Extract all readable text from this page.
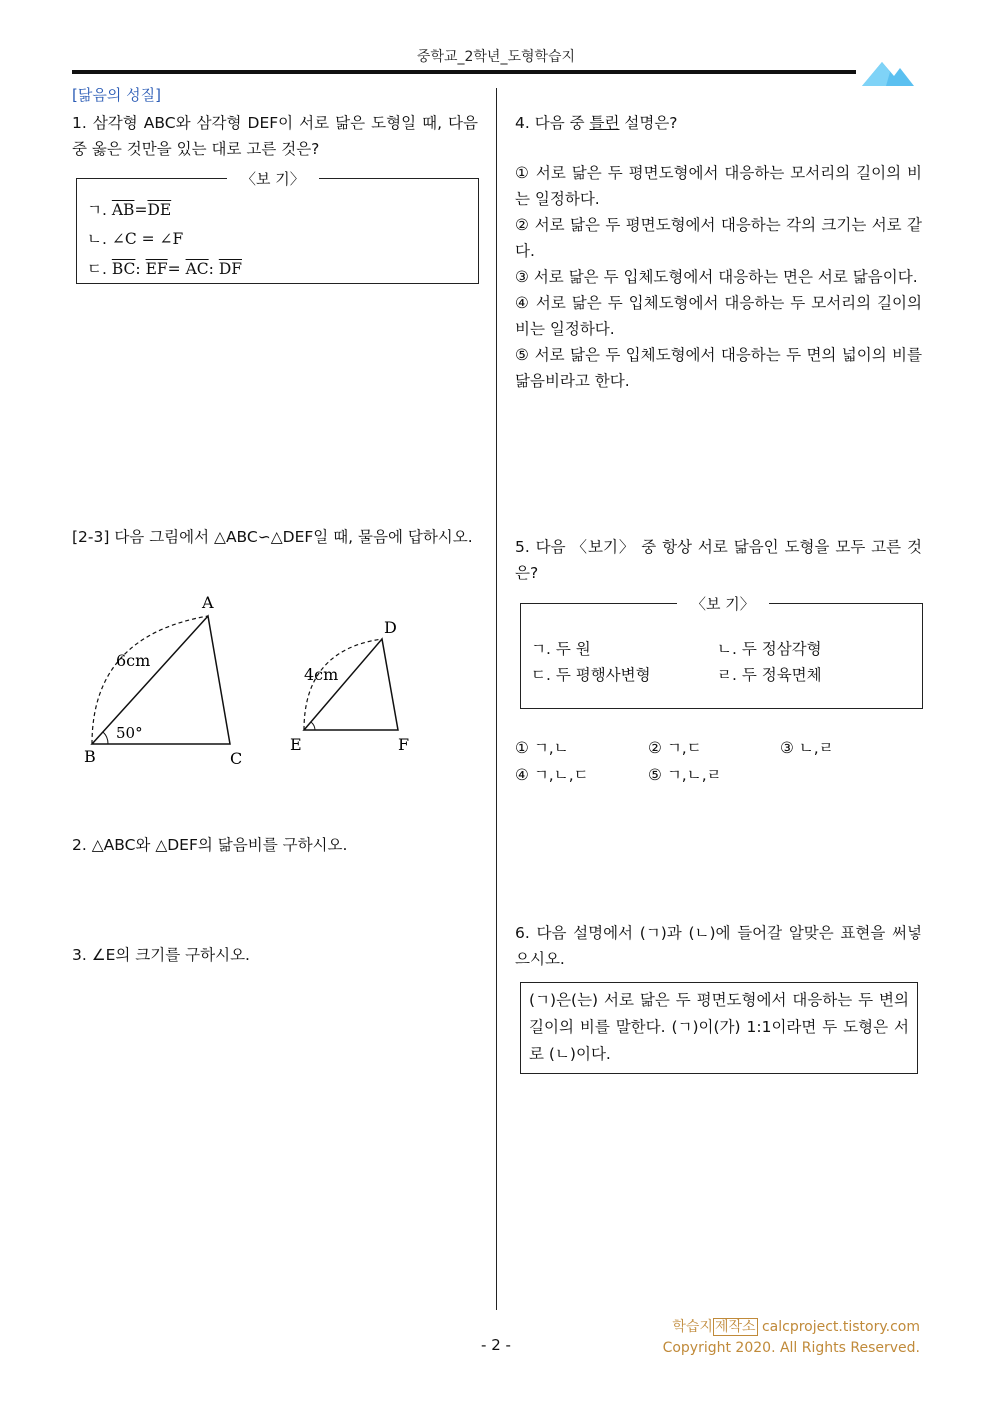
중학교_2학년_도형학습지
[닮음의 성질]
1. 삼각형 ABC와 삼각형 DEF이 서로 닮은 도형일 때, 다음 중 옳은 것만을 있는 대로 고른 것은?
〈보 기〉
ㄱ. $\overline{AB}=\overline{DE}$
ㄴ. ∠C = ∠F
ㄷ. $\overline{BC}$: $\overline{EF}= \overline{AC}$: $\overline{DF}$
[2-3] 다음 그림에서 △ABC∽△DEF일 때, 물음에 답하시오.
A
B	C
6cm
50°
D
E	F
4cm
2. △ABC와 △DEF의 닮음비를 구하시오.
3. ∠E의 크기를 구하시오.
4. 다음 중 틀린 설명은?
① 서로 닮은 두 평면도형에서 대응하는 모서리의 길이의 비는 일정하다.
② 서로 닮은 두 평면도형에서 대응하는 각의 크기는 서로 같다.
③ 서로 닮은 두 입체도형에서 대응하는 면은 서로 닮음이다.
④ 서로 닮은 두 입체도형에서 대응하는 두 모서리의 길이의 비는 일정하다.
⑤ 서로 닮은 두 입체도형에서 대응하는 두 면의 넓이의 비를 닮음비라고 한다.
5. 다음 〈보기〉 중 항상 서로 닮음인 도형을 모두 고른 것은?
〈보 기〉
ㄱ. 두 원	ㄴ. 두 정삼각형
ㄷ. 두 평행사변형	ㄹ. 두 정육면체
① ㄱ,ㄴ	② ㄱ,ㄷ	③ ㄴ,ㄹ
④ ㄱ,ㄴ,ㄷ	⑤ ㄱ,ㄴ,ㄹ
6. 다음 설명에서 (ㄱ)과 (ㄴ)에 들어갈 알맞은 표현을 써넣으시오.
(ㄱ)은(는) 서로 닮은 두 평면도형에서 대응하는 두 변의 길이의 비를 말한다. (ㄱ)이(가) 1:1이라면 두 도형은 서로 (ㄴ)이다.
학습지 제작소 calcproject.tistory.com
Copyright 2020. All Rights Reserved.
- 2 -
